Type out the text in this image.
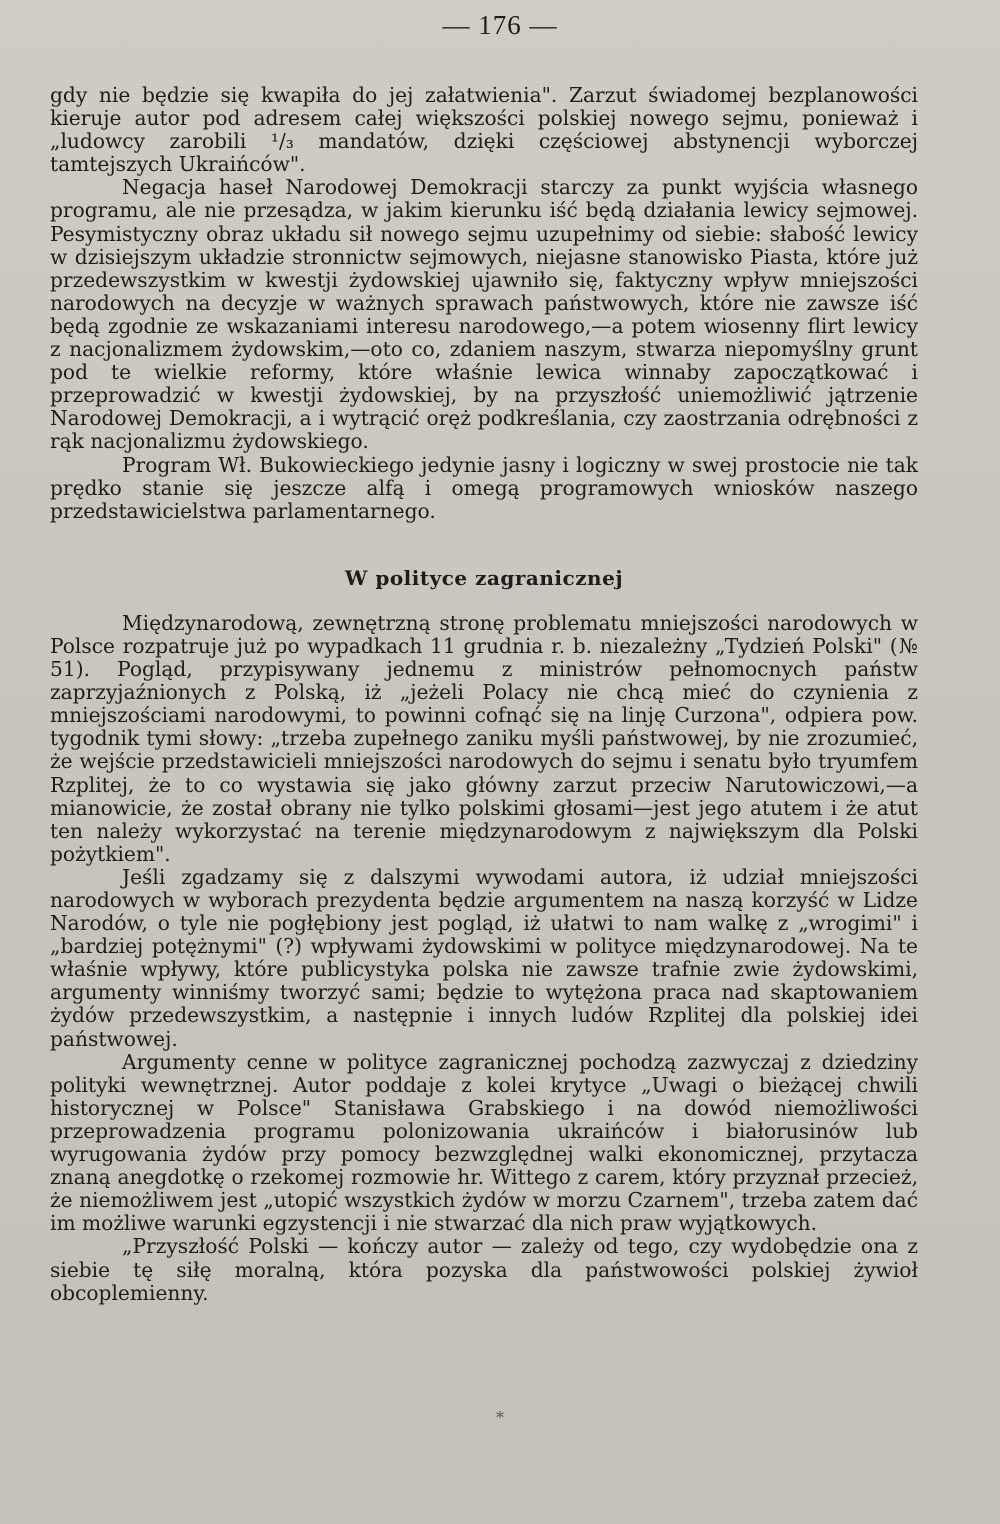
— 176 —

gdy nie będzie się kwapiła do jej załatwienia". Zarzut świadomej bezplanowości kieruje autor pod adresem całej większości polskiej nowego sejmu, ponieważ i „ludowcy zarobili ¹/₃ mandatów, dzięki częściowej abstynencji wyborczej tamtejszych Ukraińców".

Negacja haseł Narodowej Demokracji starczy za punkt wyjścia własnego programu, ale nie przesądza, w jakim kierunku iść będą działania lewicy sejmowej. Pesymistyczny obraz układu sił nowego sejmu uzupełnimy od siebie: słabość lewicy w dzisiejszym układzie stronnictw sejmowych, niejasne stanowisko Piasta, które już przedewszystkim w kwestji żydowskiej ujawniło się, faktyczny wpływ mniejszości narodowych na decyzje w ważnych sprawach państwowych, które nie zawsze iść będą zgodnie ze wskazaniami interesu narodowego,—a potem wiosenny flirt lewicy z nacjonalizmem żydowskim,—oto co, zdaniem naszym, stwarza niepomyślny grunt pod te wielkie reformy, które właśnie lewica winnaby zapoczątkować i przeprowadzić w kwestji żydowskiej, by na przyszłość uniemożliwić jątrzenie Narodowej Demokracji, a i wytrącić oręż podkreślania, czy zaostrzania odrębności z rąk nacjonalizmu żydowskiego.

Program Wł. Bukowieckiego jedynie jasny i logiczny w swej prostocie nie tak prędko stanie się jeszcze alfą i omegą programowych wniosków naszego przedstawicielstwa parlamentarnego.

W polityce zagranicznej

Międzynarodową, zewnętrzną stronę problematu mniejszości narodowych w Polsce rozpatruje już po wypadkach 11 grudnia r. b. niezależny „Tydzień Polski" (№ 51). Pogląd, przypisywany jednemu z ministrów pełnomocnych państw zaprzyjaźnionych z Polską, iż „jeżeli Polacy nie chcą mieć do czynienia z mniejszościami narodowymi, to powinni cofnąć się na linję Curzona", odpiera pow. tygodnik tymi słowy: „trzeba zupełnego zaniku myśli państwowej, by nie zrozumieć, że wejście przedstawicieli mniejszości narodowych do sejmu i senatu było tryumfem Rzplitej, że to co wystawia się jako główny zarzut przeciw Narutowiczowi,—a mianowicie, że został obrany nie tylko polskimi głosami—jest jego atutem i że atut ten należy wykorzystać na terenie międzynarodowym z największym dla Polski pożytkiem".

Jeśli zgadzamy się z dalszymi wywodami autora, iż udział mniejszości narodowych w wyborach prezydenta będzie argumentem na naszą korzyść w Lidze Narodów, o tyle nie pogłębiony jest pogląd, iż ułatwi to nam walkę z „wrogimi" i „bardziej potężnymi" (?) wpływami żydowskimi w polityce międzynarodowej. Na te właśnie wpływy, które publicystyka polska nie zawsze trafnie zwie żydowskimi, argumenty winniśmy tworzyć sami; będzie to wytężona praca nad skaptowaniem żydów przedewszystkim, a następnie i innych ludów Rzplitej dla polskiej idei państwowej.

Argumenty cenne w polityce zagranicznej pochodzą zazwyczaj z dziedziny polityki wewnętrznej. Autor poddaje z kolei krytyce „Uwagi o bieżącej chwili historycznej w Polsce" Stanisława Grabskiego i na dowód niemożliwości przeprowadzenia programu polonizowania ukraińców i białorusinów lub wyrugowania żydów przy pomocy bezwzględnej walki ekonomicznej, przytacza znaną anegdotkę o rzekomej rozmowie hr. Wittego z carem, który przyznał przecież, że niemożliwem jest „utopić wszystkich żydów w morzu Czarnem", trzeba zatem dać im możliwe warunki egzystencji i nie stwarzać dla nich praw wyjątkowych.

„Przyszłość Polski — kończy autor — zależy od tego, czy wydobędzie ona z siebie tę siłę moralną, która pozyska dla państwowości polskiej żywioł obcoplemienny.

*
